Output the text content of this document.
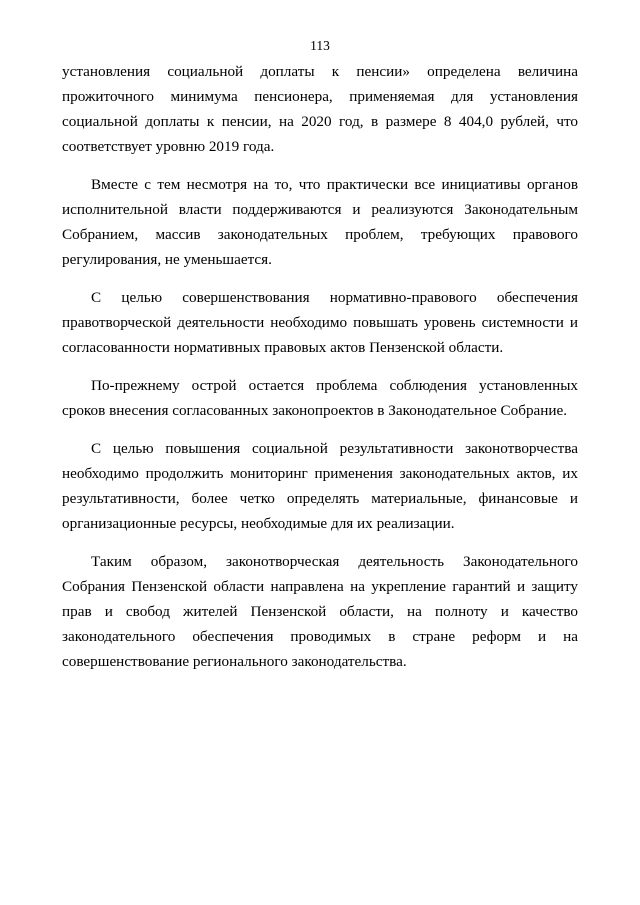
113

установления социальной доплаты к пенсии» определена величина прожиточного минимума пенсионера, применяемая для установления социальной доплаты к пенсии, на 2020 год, в размере 8 404,0 рублей, что соответствует уровню 2019 года.

Вместе с тем несмотря на то, что практически все инициативы органов исполнительной власти поддерживаются и реализуются Законодательным Собранием, массив законодательных проблем, требующих правового регулирования, не уменьшается.

С целью совершенствования нормативно-правового обеспечения правотворческой деятельности необходимо повышать уровень системности и согласованности нормативных правовых актов Пензенской области.

По-прежнему острой остается проблема соблюдения установленных сроков внесения согласованных законопроектов в Законодательное Собрание.

С целью повышения социальной результативности законотворчества необходимо продолжить мониторинг применения законодательных актов, их результативности, более четко определять материальные, финансовые и организационные ресурсы, необходимые для их реализации.

Таким образом, законотворческая деятельность Законодательного Собрания Пензенской области направлена на укрепление гарантий и защиту прав и свобод жителей Пензенской области, на полноту и качество законодательного обеспечения проводимых в стране реформ и на совершенствование регионального законодательства.
